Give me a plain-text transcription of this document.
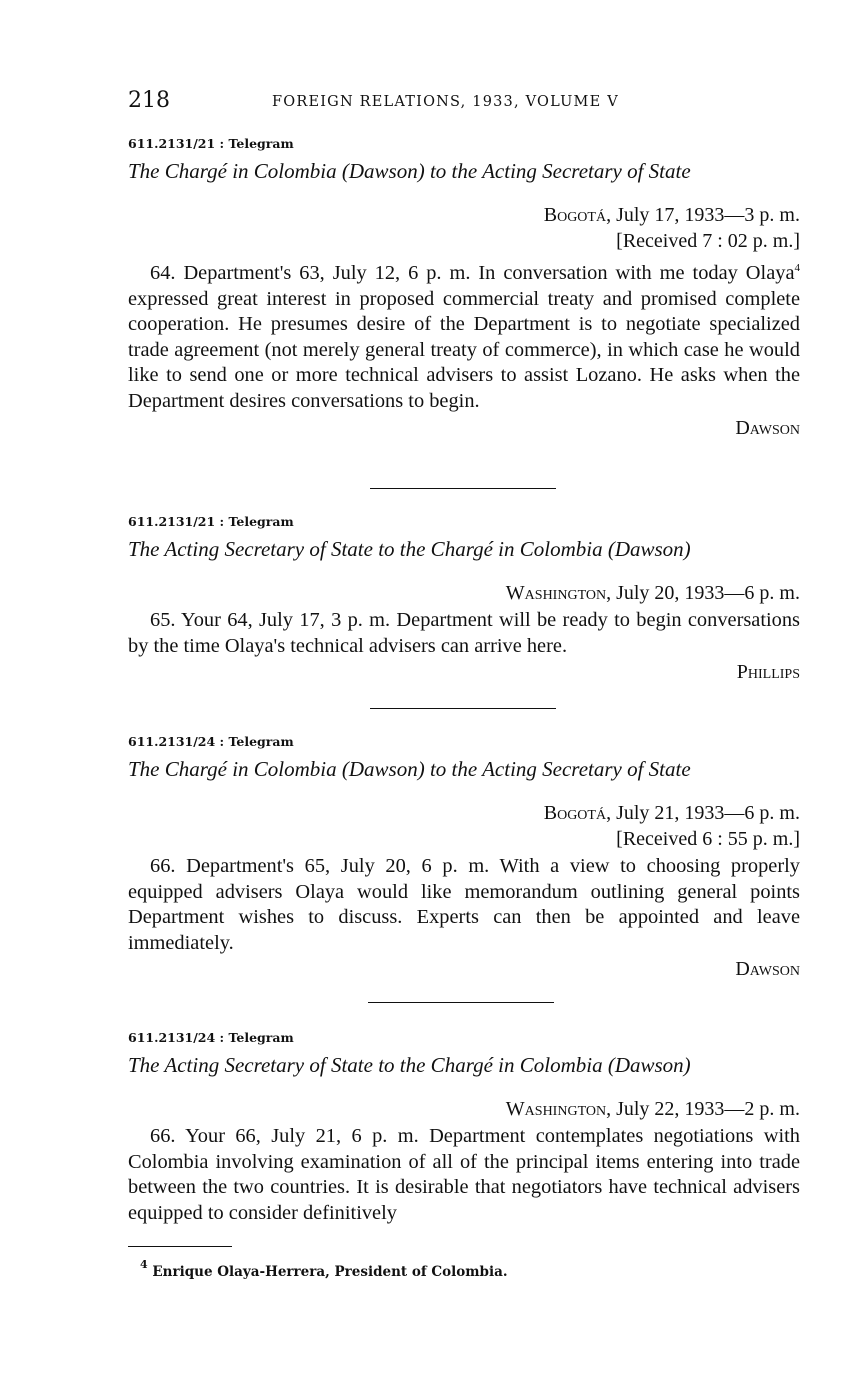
218	FOREIGN RELATIONS, 1933, VOLUME V
611.2131/21 : Telegram
The Chargé in Colombia (Dawson) to the Acting Secretary of State
Bogotá, July 17, 1933—3 p. m.
[Received 7 : 02 p. m.]
64. Department's 63, July 12, 6 p. m. In conversation with me today Olaya$^4$ expressed great interest in proposed commercial treaty and promised complete cooperation. He presumes desire of the Department is to negotiate specialized trade agreement (not merely general treaty of commerce), in which case he would like to send one or more technical advisers to assist Lozano. He asks when the Department desires conversations to begin.
Dawson
611.2131/21 : Telegram
The Acting Secretary of State to the Chargé in Colombia (Dawson)
Washington, July 20, 1933—6 p. m.
65. Your 64, July 17, 3 p. m. Department will be ready to begin conversations by the time Olaya's technical advisers can arrive here.
Phillips
611.2131/24 : Telegram
The Chargé in Colombia (Dawson) to the Acting Secretary of State
Bogotá, July 21, 1933—6 p. m.
[Received 6 : 55 p. m.]
66. Department's 65, July 20, 6 p. m. With a view to choosing properly equipped advisers Olaya would like memorandum outlining general points Department wishes to discuss. Experts can then be appointed and leave immediately.
Dawson
611.2131/24 : Telegram
The Acting Secretary of State to the Chargé in Colombia (Dawson)
Washington, July 22, 1933—2 p. m.
66. Your 66, July 21, 6 p. m. Department contemplates negotiations with Colombia involving examination of all of the principal items entering into trade between the two countries. It is desirable that negotiators have technical advisers equipped to consider definitively
$^4$ Enrique Olaya-Herrera, President of Colombia.
